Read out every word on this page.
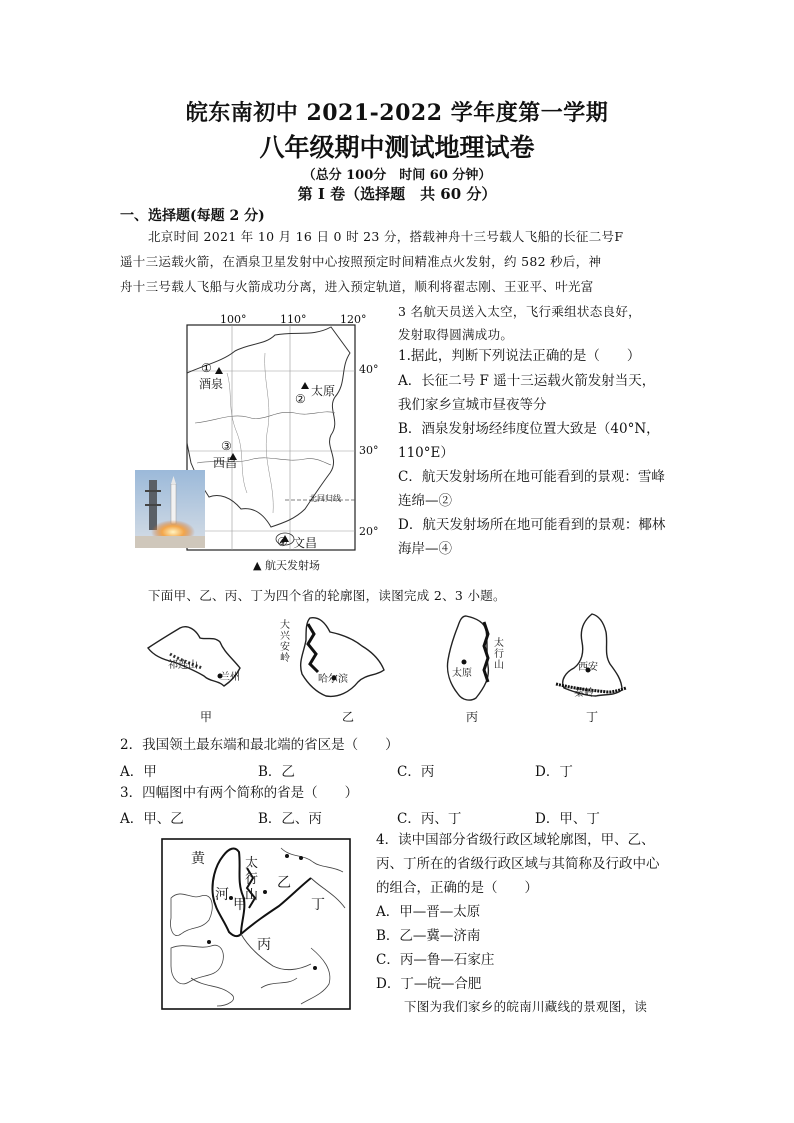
皖东南初中 2021-2022 学年度第一学期
八年级期中测试地理试卷
（总分 100分　时间 60 分钟）
第 I 卷（选择题　共 60 分）
一、选择题(每题 2 分)
北京时间 2021 年 10 月 16 日 0 时 23 分，搭载神舟十三号载人飞船的长征二号F
遥十三运载火箭，在酒泉卫星发射中心按照预定时间精准点火发射，约 582 秒后，神
舟十三号载人飞船与火箭成功分离，进入预定轨道，顺利将翟志刚、王亚平、叶光富
3 名航天员送入太空，飞行乘组状态良好，
发射取得圆满成功。
100°	110°	120°
40°
30°
20°
①
酒泉
②
太原
③
西昌
④ 文昌
北回归线
▲ 航天发射场
1.据此，判断下列说法正确的是（　　）
A．长征二号 F 遥十三运载火箭发射当天，
我们家乡宣城市昼夜等分
B．酒泉发射场经纬度位置大致是（40°N，
110°E）
C．航天发射场所在地可能看到的景观：雪峰
连绵—②
D．航天发射场所在地可能看到的景观：椰林
海岸—④
下面甲、乙、丙、丁为四个省的轮廓图，读图完成 2、3 小题。
祁连山
兰州
甲
大兴安岭
哈尔滨
乙
太原
太行山
丙
西安
秦岭
丁
2．我国领土最东端和最北端的省区是（　　）
A．甲	B．乙	C．丙	D．丁
3．四幅图中有两个简称的省是（　　）
A．甲、乙	B．乙、丙	C．丙、丁	D．甲、丁
黄
河
甲
太
行
山
乙
丙
丁
4．读中国部分省级行政区域轮廓图，甲、乙、
丙、丁所在的省级行政区域与其简称及行政中心
的组合，正确的是（　　）
A．甲—晋—太原
B．乙—冀—济南
C．丙—鲁—石家庄
D．丁—皖—合肥
下图为我们家乡的皖南川藏线的景观图，读
